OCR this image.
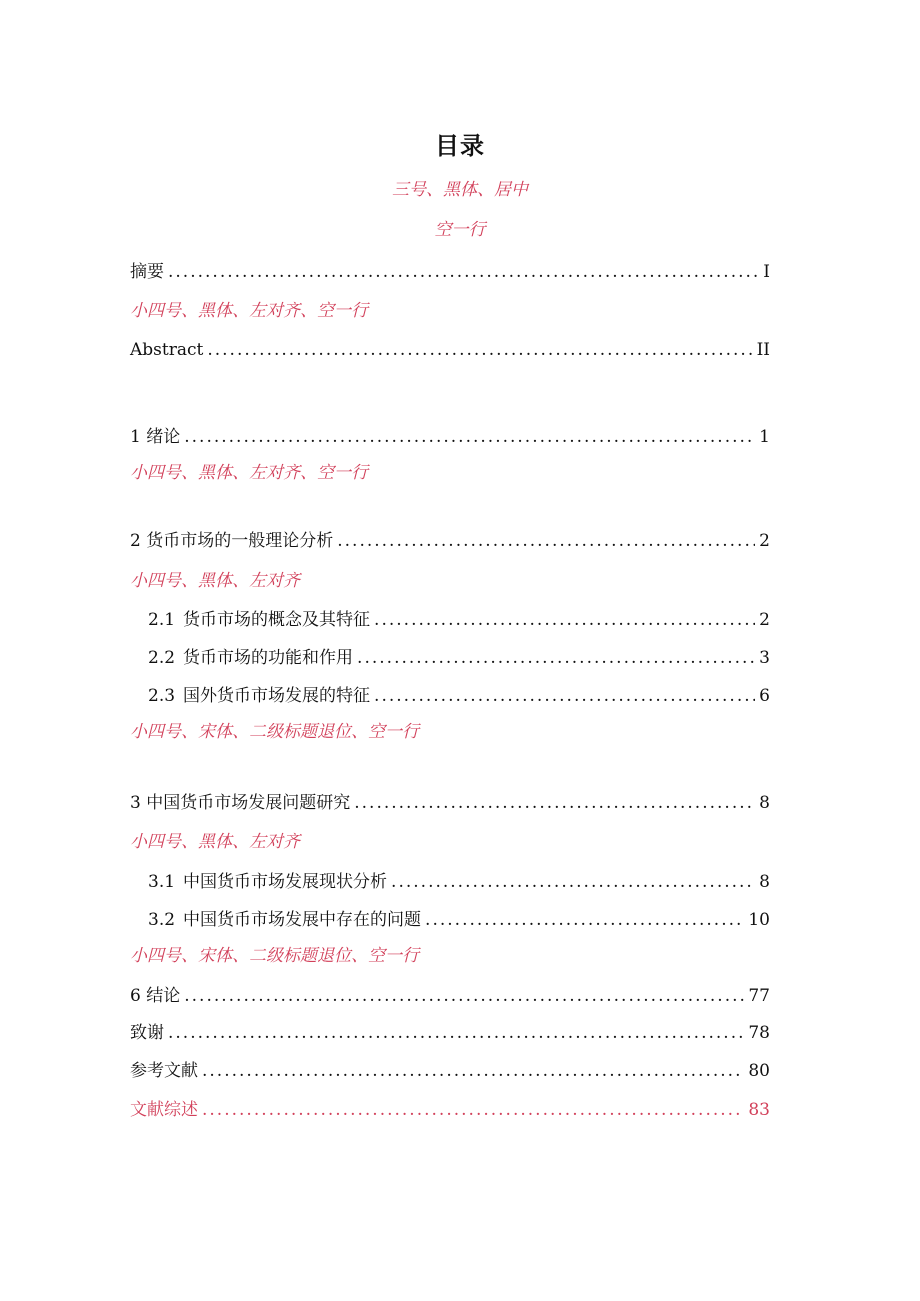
目录
三号、黑体、居中
空一行
摘要 .....	I
小四号、黑体、左对齐、空一行
Abstract .....	II
1 绪论 .....	1
小四号、黑体、左对齐、空一行
2 货币市场的一般理论分析 .....	2
小四号、黑体、左对齐
2.1 货币市场的概念及其特征 .....	2
2.2 货币市场的功能和作用 .....	3
2.3 国外货币市场发展的特征 .....	6
小四号、宋体、二级标题退位、空一行
3 中国货币市场发展问题研究 .....	8
小四号、黑体、左对齐
3.1 中国货币市场发展现状分析 .....	8
3.2 中国货币市场发展中存在的问题 .....	10
小四号、宋体、二级标题退位、空一行
6 结论 .....	77
致谢 .....	78
参考文献 .....	80
文献综述 .....	83
